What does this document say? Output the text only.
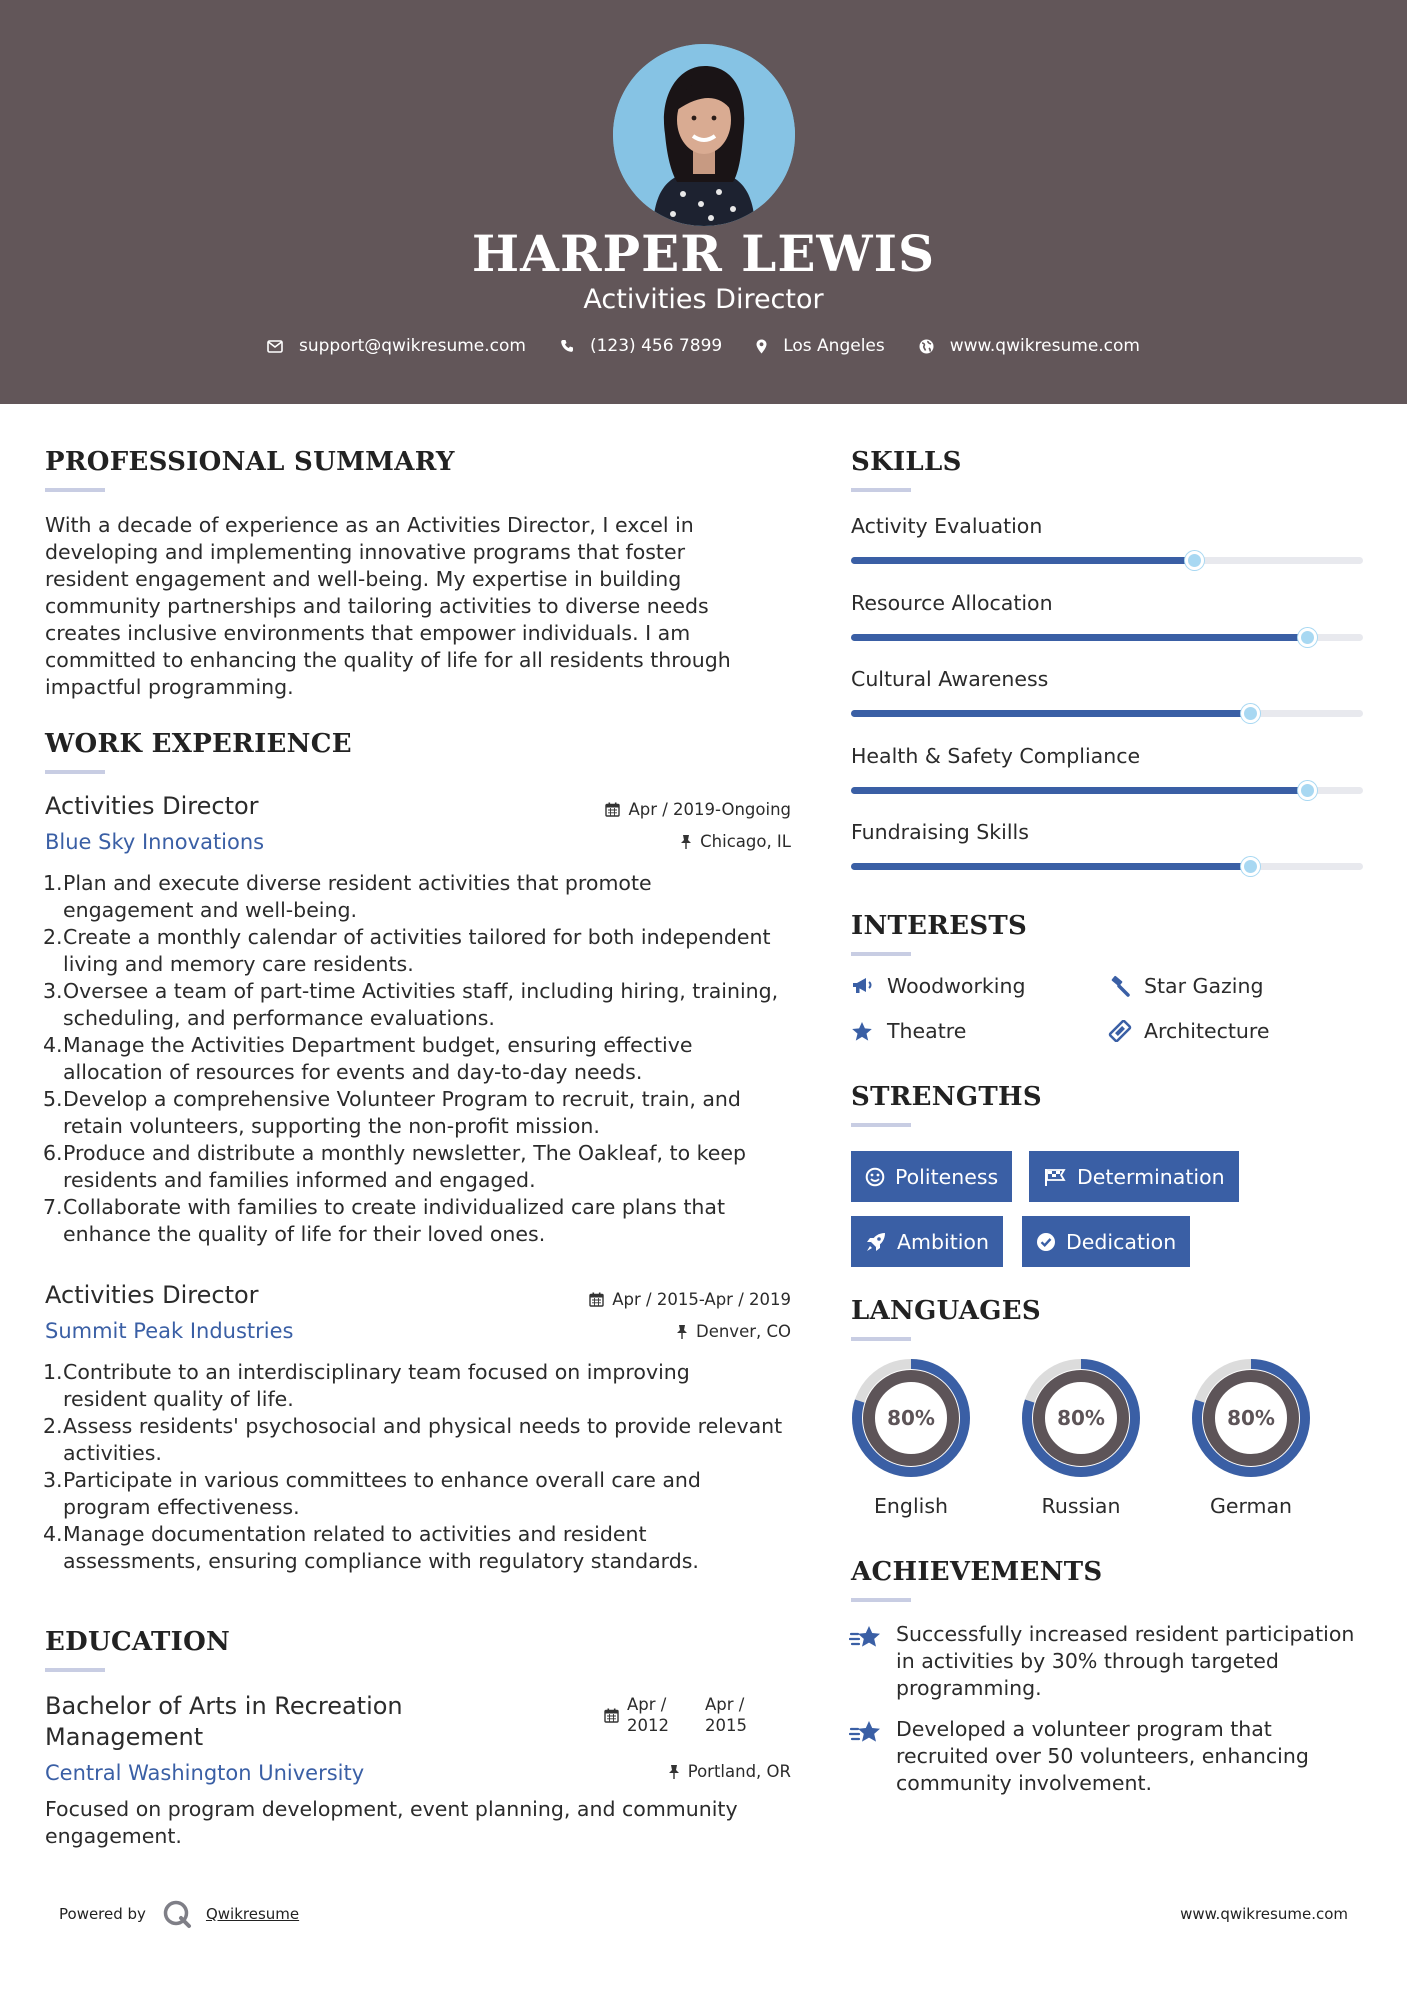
HARPER LEWIS
Activities Director
support@qwikresume.com	(123) 456 7899	Los Angeles	www.qwikresume.com
PROFESSIONAL SUMMARY
With a decade of experience as an Activities Director, I excel in
developing and implementing innovative programs that foster
resident engagement and well-being. My expertise in building
community partnerships and tailoring activities to diverse needs
creates inclusive environments that empower individuals. I am
committed to enhancing the quality of life for all residents through
impactful programming.
WORK EXPERIENCE
Activities Director
Blue Sky Innovations
Apr / 2019-Ongoing
Chicago, IL
1. Plan and execute diverse resident activities that promote
engagement and well-being.
2. Create a monthly calendar of activities tailored for both independent
living and memory care residents.
3. Oversee a team of part-time Activities staff, including hiring, training,
scheduling, and performance evaluations.
4. Manage the Activities Department budget, ensuring effective
allocation of resources for events and day-to-day needs.
5. Develop a comprehensive Volunteer Program to recruit, train, and
retain volunteers, supporting the non-profit mission.
6. Produce and distribute a monthly newsletter, The Oakleaf, to keep
residents and families informed and engaged.
7. Collaborate with families to create individualized care plans that
enhance the quality of life for their loved ones.
Activities Director
Summit Peak Industries
Apr / 2015-Apr / 2019
Denver, CO
1. Contribute to an interdisciplinary team focused on improving
resident quality of life.
2. Assess residents' psychosocial and physical needs to provide relevant
activities.
3. Participate in various committees to enhance overall care and
program effectiveness.
4. Manage documentation related to activities and resident
assessments, ensuring compliance with regulatory standards.
EDUCATION
Bachelor of Arts in Recreation
Management
Central Washington University
Apr /
2012
Apr /
2015
Portland, OR
Focused on program development, event planning, and community
engagement.
SKILLS
Activity Evaluation
Resource Allocation
Cultural Awareness
Health & Safety Compliance
Fundraising Skills
INTERESTS
Woodworking	Star Gazing
Theatre	Architecture
STRENGTHS
Politeness	Determination
Ambition	Dedication
LANGUAGES
80%
English
80%
Russian
80%
German
ACHIEVEMENTS
Successfully increased resident participation
in activities by 30% through targeted
programming.
Developed a volunteer program that
recruited over 50 volunteers, enhancing
community involvement.
Powered by	Qwikresume	www.qwikresume.com
